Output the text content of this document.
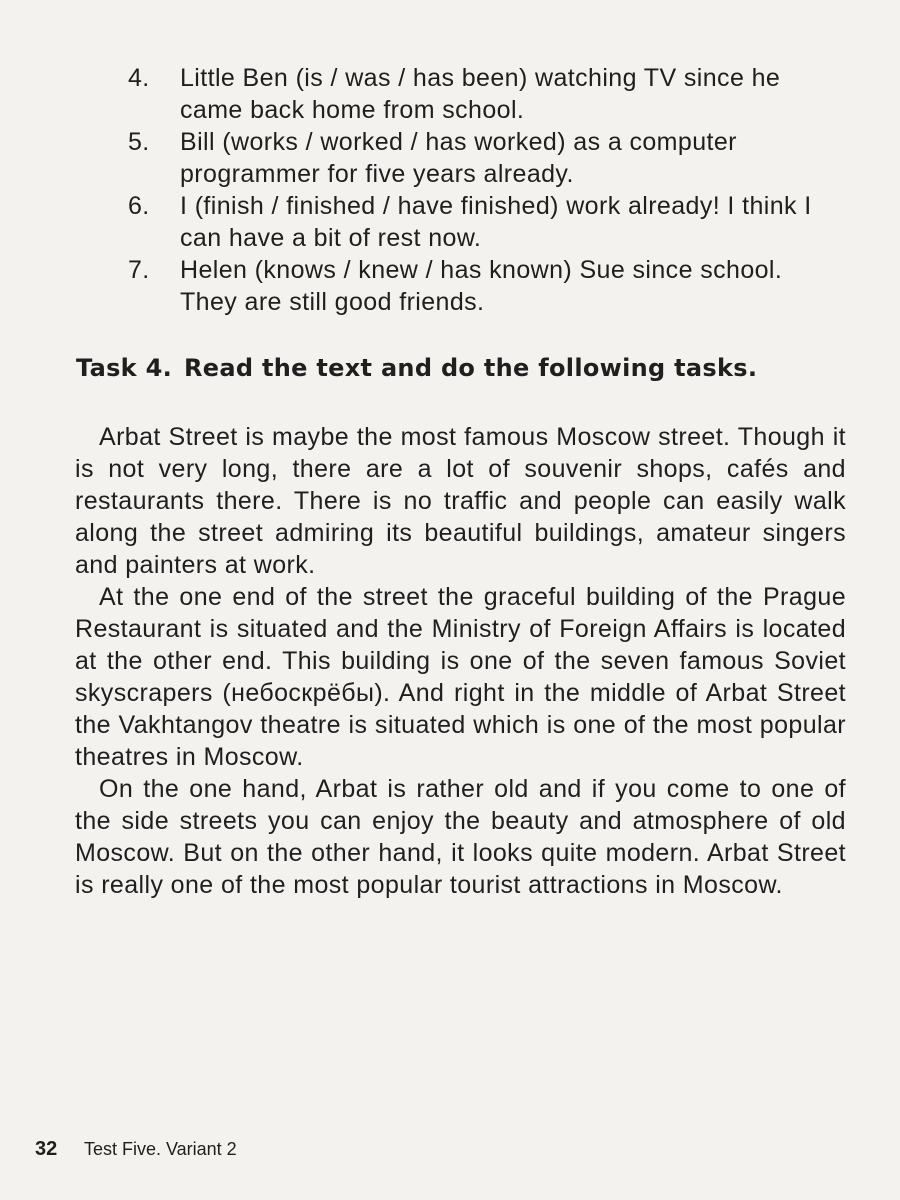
4. Little Ben (is / was / has been) watching TV since he came back home from school.
5. Bill (works / worked / has worked) as a computer programmer for five years already.
6. I (finish / finished / have finished) work already! I think I can have a bit of rest now.
7. Helen (knows / knew / has known) Sue since school. They are still good friends.
Task 4. Read the text and do the following tasks.

Arbat Street is maybe the most famous Moscow street. Though it is not very long, there are a lot of souvenir shops, cafés and restaurants there. There is no traffic and people can easily walk along the street admiring its beautiful buildings, amateur singers and painters at work.

At the one end of the street the graceful building of the Prague Restaurant is situated and the Ministry of Foreign Affairs is located at the other end. This building is one of the seven famous Soviet skyscrapers (небоскрёбы). And right in the middle of Arbat Street the Vakhtangov theatre is situated which is one of the most popular theatres in Moscow.

On the one hand, Arbat is rather old and if you come to one of the side streets you can enjoy the beauty and atmosphere of old Moscow. But on the other hand, it looks quite modern. Arbat Street is really one of the most popular tourist attractions in Moscow.

32 Test Five. Variant 2
